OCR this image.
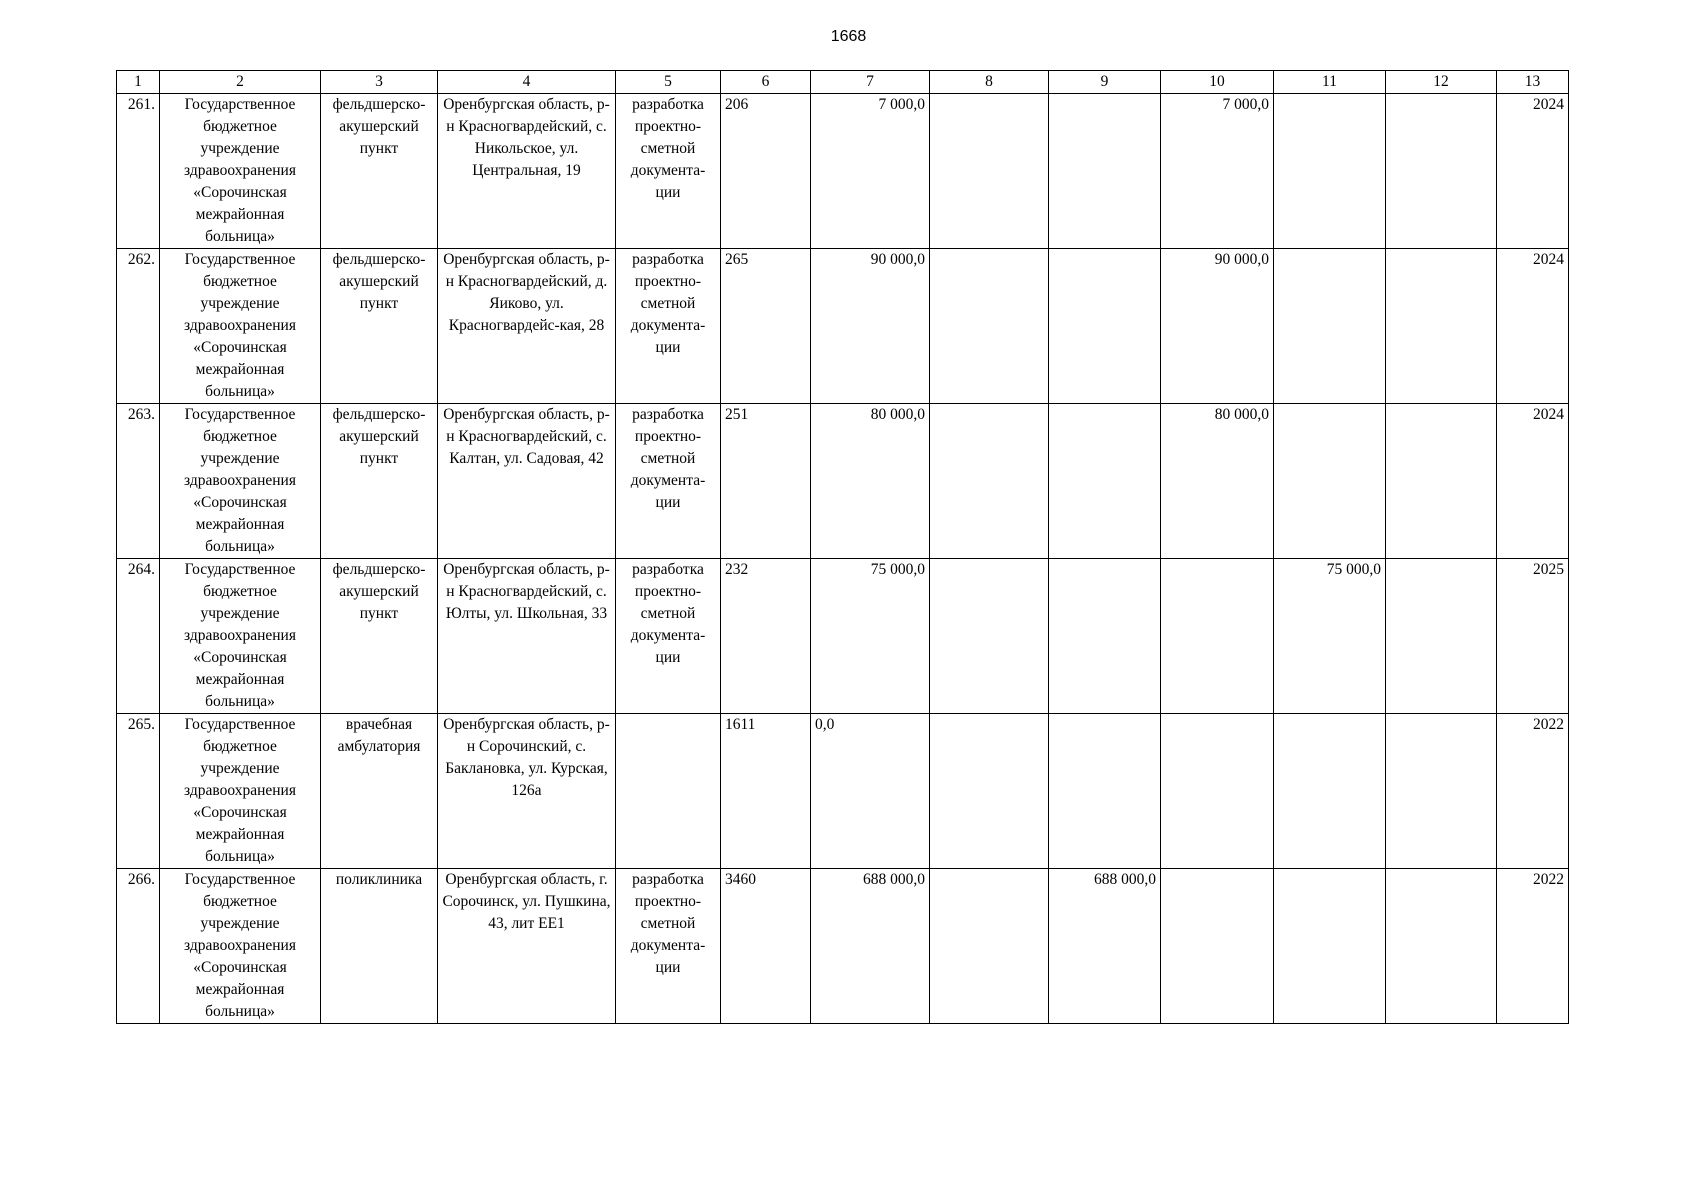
1668
1	2	3	4	5	6	7	8	9	10	11	12	13
261.	Государственное бюджетное учреждение здравоохранения «Сорочинская межрайонная больница»	фельдшерско-акушерский пункт	Оренбургская область, р-н Красногвардейский, с. Никольское, ул. Центральная, 19	разработка проектно-сметной документа-ции	206	7 000,0			7 000,0			2024
262.	Государственное бюджетное учреждение здравоохранения «Сорочинская межрайонная больница»	фельдшерско-акушерский пункт	Оренбургская область, р-н Красногвардейский, д. Яиково, ул. Красногвардейс-кая, 28	разработка проектно-сметной документа-ции	265	90 000,0			90 000,0			2024
263.	Государственное бюджетное учреждение здравоохранения «Сорочинская межрайонная больница»	фельдшерско-акушерский пункт	Оренбургская область, р-н Красногвардейский, с. Калтан, ул. Садовая, 42	разработка проектно-сметной документа-ции	251	80 000,0			80 000,0			2024
264.	Государственное бюджетное учреждение здравоохранения «Сорочинская межрайонная больница»	фельдшерско-акушерский пункт	Оренбургская область, р-н Красногвардейский, с. Юлты, ул. Школьная, 33	разработка проектно-сметной документа-ции	232	75 000,0				75 000,0		2025
265.	Государственное бюджетное учреждение здравоохранения «Сорочинская межрайонная больница»	врачебная амбулатория	Оренбургская область, р-н Сорочинский, с. Баклановка, ул. Курская, 126а		1611	0,0						2022
266.	Государственное бюджетное учреждение здравоохранения «Сорочинская межрайонная больница»	поликлиника	Оренбургская область, г. Сорочинск, ул. Пушкина, 43, лит ЕЕ1	разработка проектно-сметной документа-ции	3460	688 000,0		688 000,0				2022
